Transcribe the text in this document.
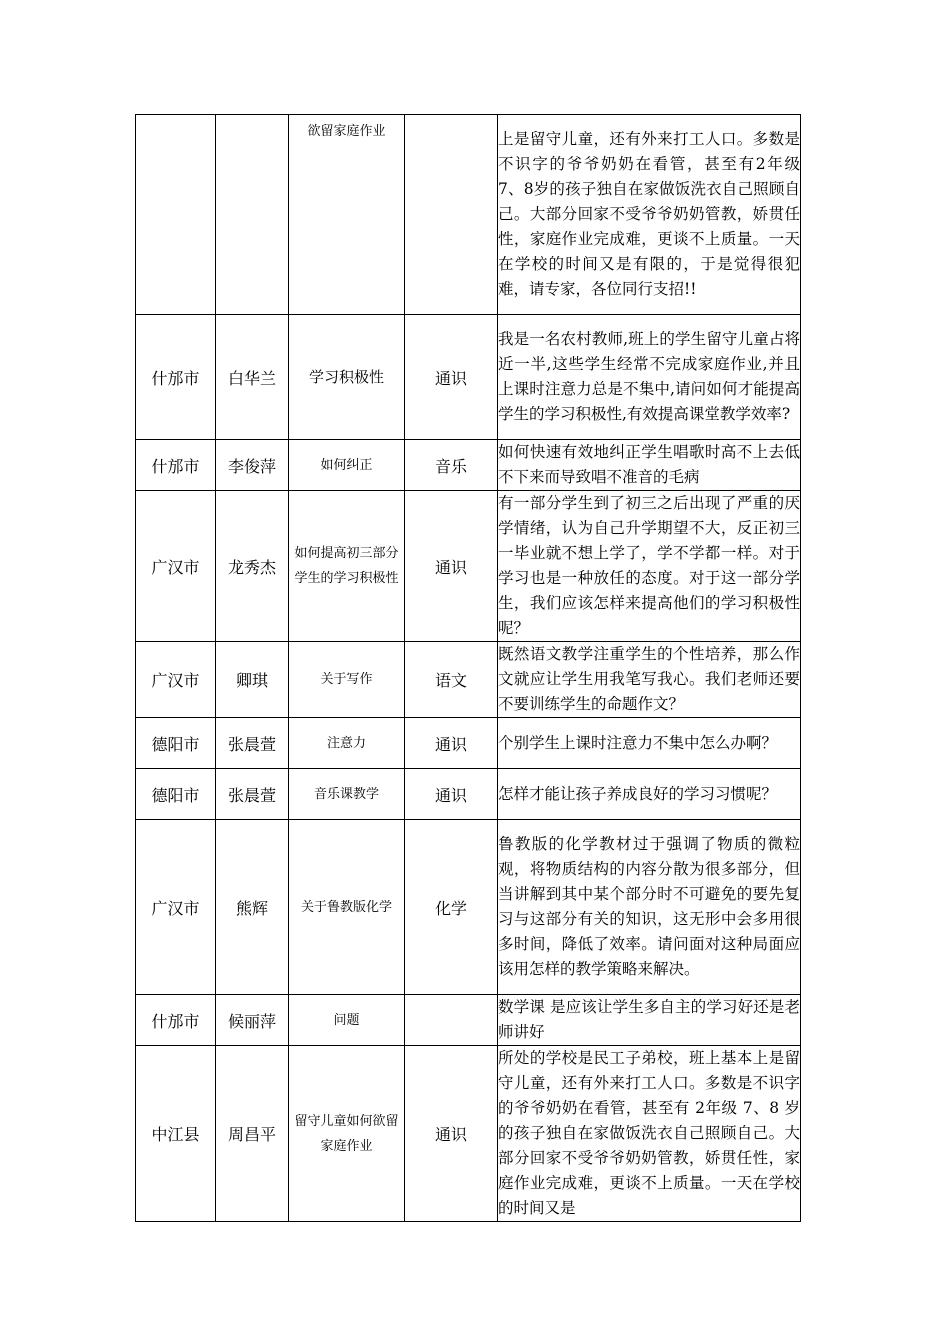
		欲留家庭作业		上是留守儿童，还有外来打工人口。多数是不识字的爷爷奶奶在看管，甚至有2年级 7、8岁的孩子独自在家做饭洗衣自己照顾自己。大部分回家不受爷爷奶奶管教，娇贯任性，家庭作业完成难，更谈不上质量。一天在学校的时间又是有限的，于是觉得很犯难，请专家，各位同行支招!!
什邡市	白华兰	学习积极性	通识	我是一名农村教师,班上的学生留守儿童占将近一半,这些学生经常不完成家庭作业,并且上课时注意力总是不集中,请问如何才能提高学生的学习积极性,有效提高课堂教学效率?
什邡市	李俊萍	如何纠正	音乐	如何快速有效地纠正学生唱歌时高不上去低不下来而导致唱不准音的毛病
广汉市	龙秀杰	如何提高初三部分学生的学习积极性	通识	有一部分学生到了初三之后出现了严重的厌学情绪，认为自己升学期望不大，反正初三一毕业就不想上学了，学不学都一样。对于学习也是一种放任的态度。对于这一部分学生，我们应该怎样来提高他们的学习积极性呢？
广汉市	卿琪	关于写作	语文	既然语文教学注重学生的个性培养，那么作文就应让学生用我笔写我心。我们老师还要不要训练学生的命题作文？
德阳市	张晨萱	注意力	通识	个别学生上课时注意力不集中怎么办啊？
德阳市	张晨萱	音乐课教学	通识	怎样才能让孩子养成良好的学习习惯呢？
广汉市	熊辉	关于鲁教版化学	化学	鲁教版的化学教材过于强调了物质的微粒观，将物质结构的内容分散为很多部分，但当讲解到其中某个部分时不可避免的要先复习与这部分有关的知识，这无形中会多用很多时间，降低了效率。请问面对这种局面应该用怎样的教学策略来解决。
什邡市	候丽萍	问题		数学课 是应该让学生多自主的学习好还是老师讲好
中江县	周昌平	留守儿童如何欲留家庭作业	通识	所处的学校是民工子弟校，班上基本上是留守儿童，还有外来打工人口。多数是不识字的爷爷奶奶在看管，甚至有 2年级 7、8 岁的孩子独自在家做饭洗衣自己照顾自己。大部分回家不受爷爷奶奶管教，娇贯任性，家庭作业完成难，更谈不上质量。一天在学校的时间又是
